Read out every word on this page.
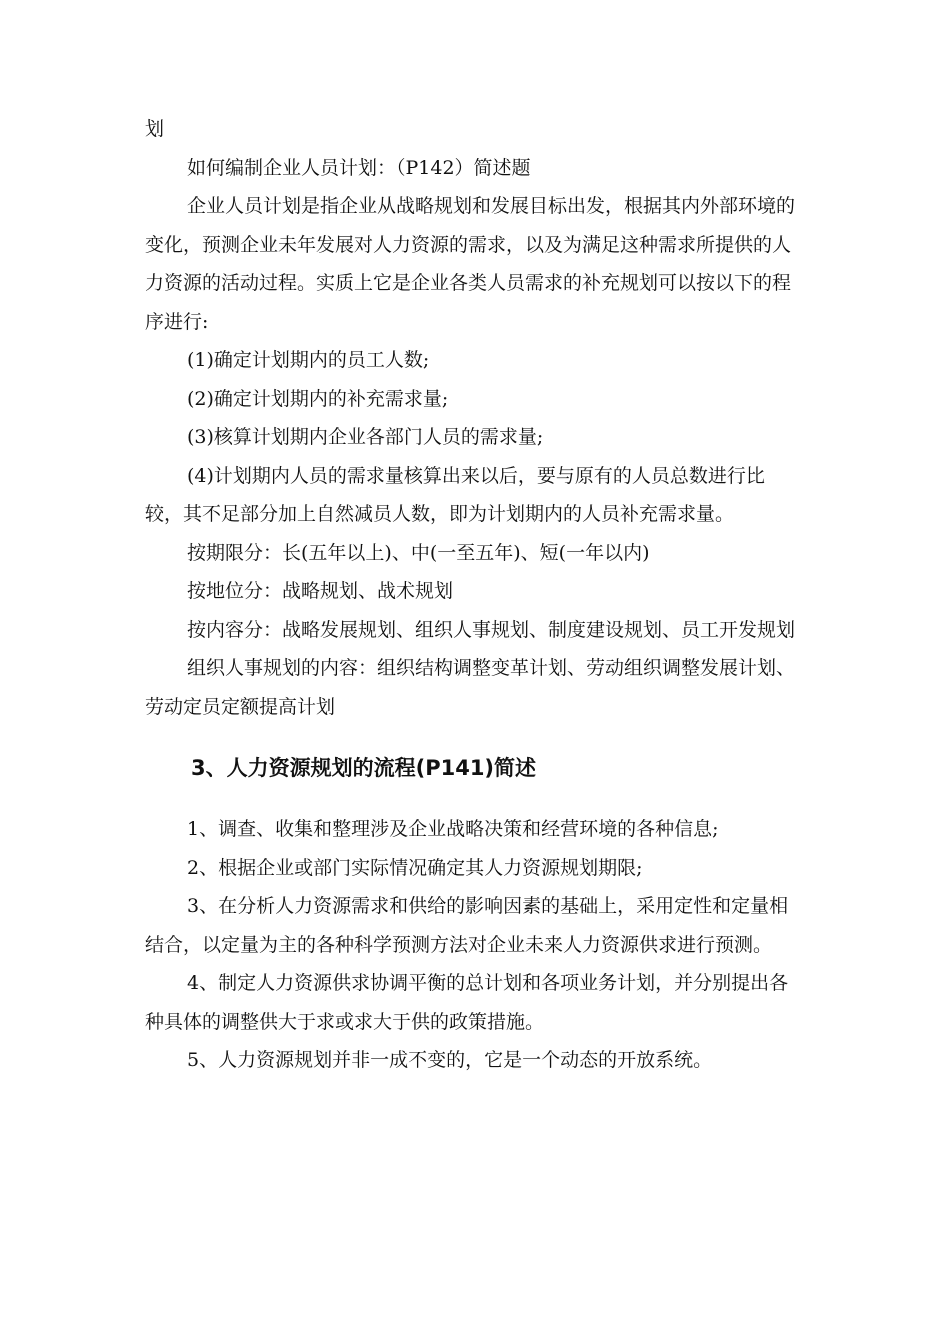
划

如何编制企业人员计划：（P142）简述题

企业人员计划是指企业从战略规划和发展目标出发，根据其内外部环境的变化，预测企业未年发展对人力资源的需求，以及为满足这种需求所提供的人力资源的活动过程。实质上它是企业各类人员需求的补充规划可以按以下的程序进行:

(1)确定计划期内的员工人数;

(2)确定计划期内的补充需求量;

(3)核算计划期内企业各部门人员的需求量;

(4)计划期内人员的需求量核算出来以后，要与原有的人员总数进行比较，其不足部分加上自然减员人数，即为计划期内的人员补充需求量。

按期限分：长(五年以上)、中(一至五年)、短(一年以内)

按地位分：战略规划、战术规划

按内容分：战略发展规划、组织人事规划、制度建设规划、员工开发规划

组织人事规划的内容：组织结构调整变革计划、劳动组织调整发展计划、劳动定员定额提高计划

3、人力资源规划的流程(P141)简述

1、调查、收集和整理涉及企业战略决策和经营环境的各种信息;

2、根据企业或部门实际情况确定其人力资源规划期限;

3、在分析人力资源需求和供给的影响因素的基础上，采用定性和定量相结合，以定量为主的各种科学预测方法对企业未来人力资源供求进行预测。

4、制定人力资源供求协调平衡的总计划和各项业务计划，并分别提出各种具体的调整供大于求或求大于供的政策措施。

5、人力资源规划并非一成不变的，它是一个动态的开放系统。
